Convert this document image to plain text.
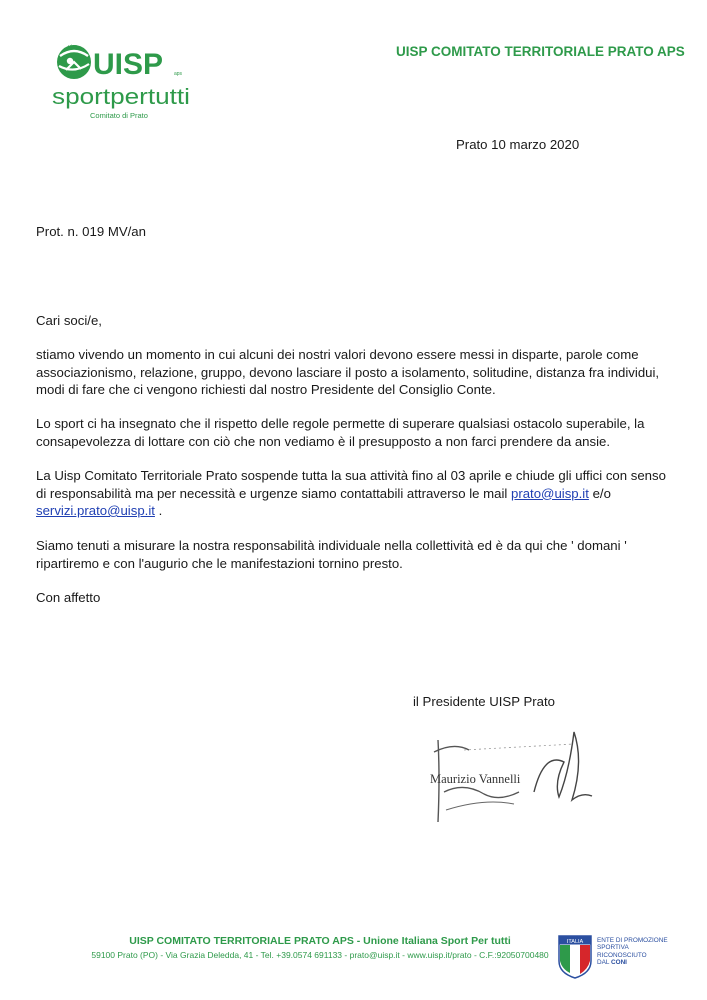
uisp
UISP aps
sportpertutti
Comitato di Prato
UISP COMITATO TERRITORIALE PRATO APS
Prato 10 marzo 2020
Prot. n. 019 MV/an
Cari soci/e,
stiamo vivendo un momento in cui alcuni dei nostri valori devono essere messi in disparte, parole come associazionismo, relazione, gruppo, devono lasciare il posto a isolamento, solitudine, distanza fra individui, modi di fare che ci vengono richiesti dal nostro Presidente del Consiglio Conte.
Lo sport ci ha insegnato che il rispetto delle regole permette di superare qualsiasi ostacolo superabile, la consapevolezza di lottare con ciò che non vediamo è il presupposto a non farci prendere da ansie.
La Uisp Comitato Territoriale Prato sospende tutta la sua attività fino al 03 aprile e chiude gli uffici con senso di responsabilità ma per necessità e urgenze siamo contattabili attraverso le mail prato@uisp.it e/o servizi.prato@uisp.it .
Siamo tenuti a misurare la nostra responsabilità individuale nella collettività ed è da qui che ' domani ' ripartiremo e con l'augurio che le manifestazioni tornino presto.
Con affetto
il Presidente UISP Prato
Maurizio Vannelli
UISP COMITATO TERRITORIALE PRATO APS - Unione Italiana Sport Per tutti
59100 Prato (PO) - Via Grazia Deledda, 41 - Tel. +39.0574 691133 - prato@uisp.it - www.uisp.it/prato - C.F.:92050700480
ITALIA ENTE DI PROMOZIONE
SPORTIVA
RICONOSCIUTO
DAL CONI
